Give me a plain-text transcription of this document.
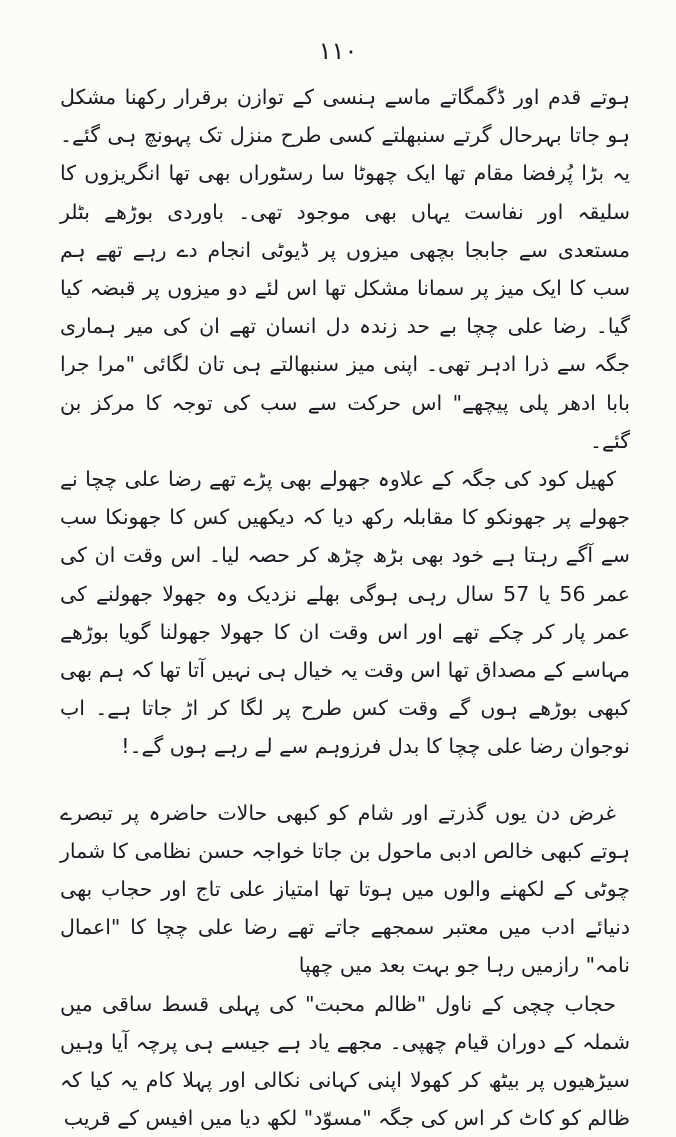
۱۱۰

ہوتے قدم اور ڈگمگاتے ماسے ہنسی کے توازن برقرار رکھنا مشکل ہو جاتا بہرحال گرتے سنبھلتے کسی طرح منزل تک پہونچ ہی گئے۔ یہ بڑا پُرفضا مقام تھا ایک چھوٹا سا رسٹوراں بھی تھا انگریزوں کا سلیقہ اور نفاست یہاں بھی موجود تھی۔ باوردی بوڑھے بٹلر مستعدی سے جابجا بچھی میزوں پر ڈیوٹی انجام دے رہے تھے ہم سب کا ایک میز پر سمانا مشکل تھا اس لئے دو میزوں پر قبضہ کیا گیا۔ رضا علی چچا بے حد زندہ دل انسان تھے ان کی میر ہماری جگہ سے ذرا ادہر تھی۔ اپنی میز سنبھالتے ہی تان لگائی "مرا جرا بابا ادھر پلی پیچھے" اس حرکت سے سب کی توجہ کا مرکز بن گئے۔

کھیل کود کی جگہ کے علاوہ جھولے بھی پڑے تھے رضا علی چچا نے جھولے پر جھونکو کا مقابلہ رکھ دیا کہ دیکھیں کس کا جھونکا سب سے آگے رہتا ہے خود بھی بڑھ چڑھ کر حصہ لیا۔ اس وقت ان کی عمر 56 یا 57 سال رہی ہوگی بھلے نزدیک وہ جھولا جھولنے کی عمر پار کر چکے تھے اور اس وقت ان کا جھولا جھولنا گویا بوڑھے مہاسے کے مصداق تھا اس وقت یہ خیال ہی نہیں آتا تھا کہ ہم بھی کبھی بوڑھے ہوں گے وقت کس طرح پر لگا کر اڑ جاتا ہے۔ اب نوجوان رضا علی چچا کا بدل فرزوہم سے لے رہے ہوں گے۔!

غرض دن یوں گذرتے اور شام کو کبھی حالات حاضرہ پر تبصرے ہوتے کبھی خالص ادبی ماحول بن جاتا خواجہ حسن نظامی کا شمار چوٹی کے لکھنے والوں میں ہوتا تھا امتیاز علی تاج اور حجاب بھی دنیائے ادب میں معتبر سمجھے جاتے تھے رضا علی چچا کا "اعمال نامہ" رازمیں رہا جو بہت بعد میں چھپا

حجاب چچی کے ناول "ظالم محبت" کی پہلی قسط ساقی میں شملہ کے دوران قیام چھپی۔ مجھے یاد ہے جیسے ہی پرچہ آیا وہیں سیڑھیوں پر بیٹھ کر کھولا اپنی کہانی نکالی اور پہلا کام یہ کیا کہ ظالم کو کاٹ کر اس کی جگہ "مسوّد" لکھ دیا میں افیس کے قریب
